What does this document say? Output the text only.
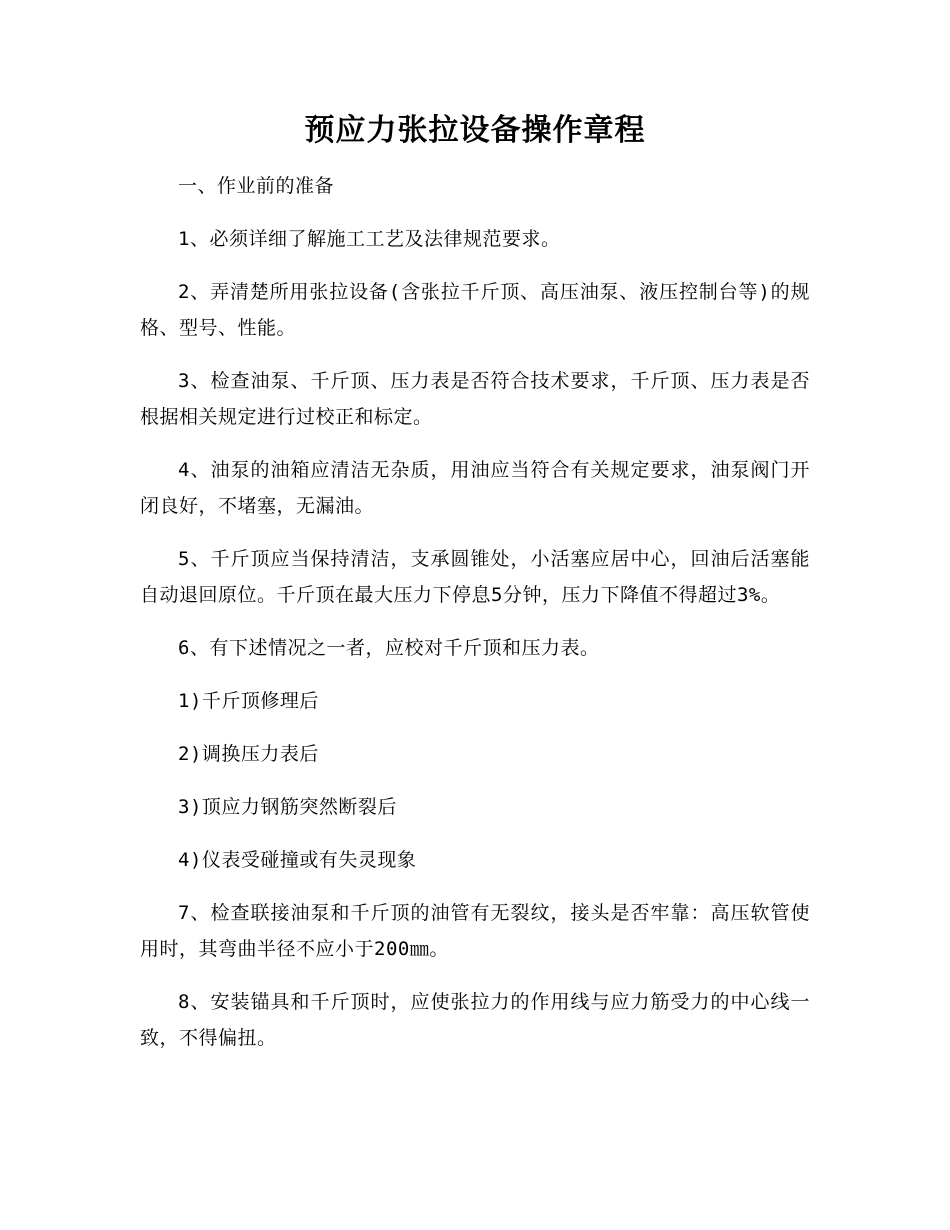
预应力张拉设备操作章程

一、作业前的准备

1、必须详细了解施工工艺及法律规范要求。

2、弄清楚所用张拉设备(含张拉千斤顶、高压油泵、液压控制台等)的规格、型号、性能。

3、检查油泵、千斤顶、压力表是否符合技术要求，千斤顶、压力表是否根据相关规定进行过校正和标定。

4、油泵的油箱应清洁无杂质，用油应当符合有关规定要求，油泵阀门开闭良好，不堵塞，无漏油。

5、千斤顶应当保持清洁，支承圆锥处，小活塞应居中心，回油后活塞能自动退回原位。千斤顶在最大压力下停息5分钟，压力下降值不得超过3%。

6、有下述情况之一者，应校对千斤顶和压力表。

1)千斤顶修理后

2)调换压力表后

3)顶应力钢筋突然断裂后

4)仪表受碰撞或有失灵现象

7、检查联接油泵和千斤顶的油管有无裂纹，接头是否牢靠：高压软管使用时，其弯曲半径不应小于200㎜。

8、安装锚具和千斤顶时，应使张拉力的作用线与应力筋受力的中心线一致，不得偏扭。
